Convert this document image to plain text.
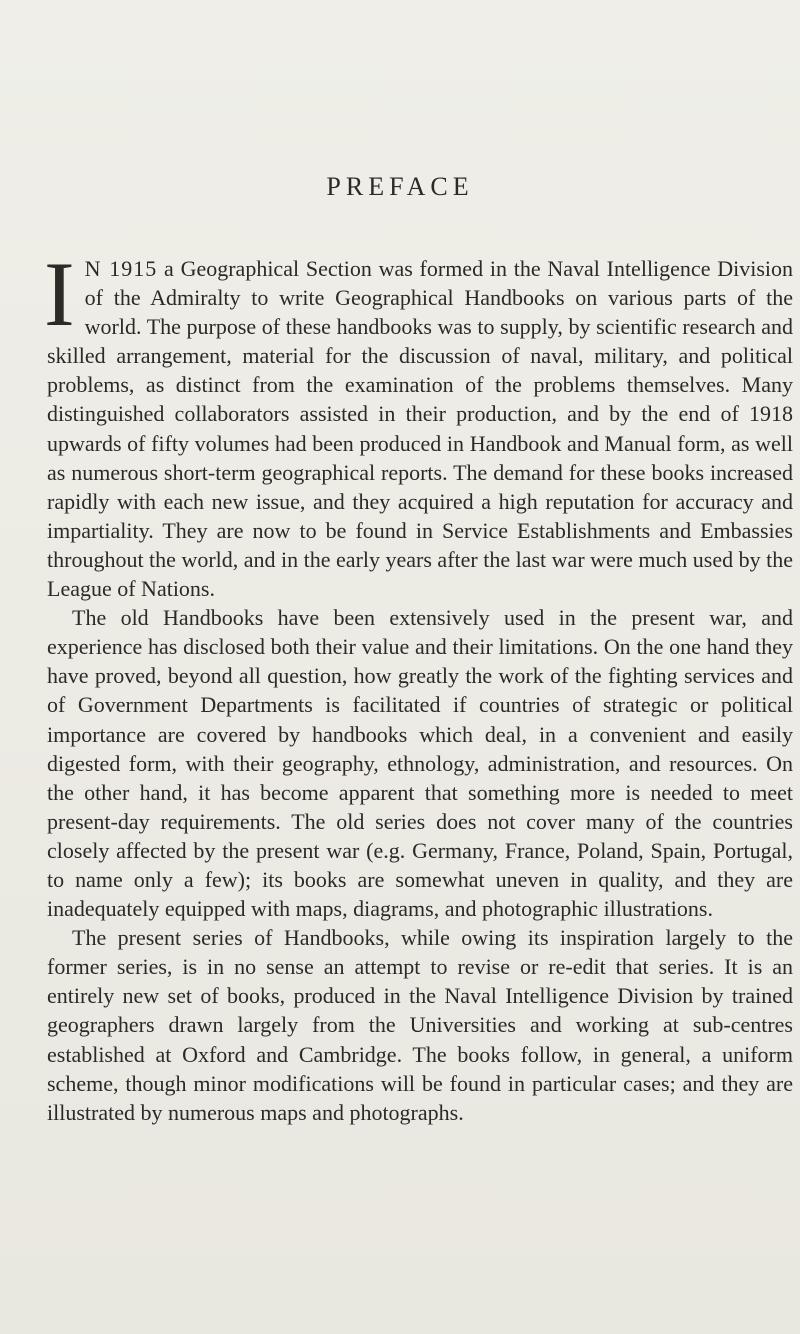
PREFACE

I N 1915 a Geographical Section was formed in the Naval Intelligence Division of the Admiralty to write Geographical Handbooks on various parts of the world. The purpose of these handbooks was to supply, by scientific research and skilled arrangement, material for the discussion of naval, military, and political problems, as distinct from the examination of the problems themselves. Many distinguished collaborators assisted in their production, and by the end of 1918 upwards of fifty volumes had been produced in Handbook and Manual form, as well as numerous short-term geographical reports. The demand for these books increased rapidly with each new issue, and they acquired a high reputation for accuracy and impartiality. They are now to be found in Service Establishments and Embassies throughout the world, and in the early years after the last war were much used by the League of Nations.

The old Handbooks have been extensively used in the present war, and experience has disclosed both their value and their limitations. On the one hand they have proved, beyond all question, how greatly the work of the fighting services and of Government Departments is facilitated if countries of strategic or political importance are covered by handbooks which deal, in a convenient and easily digested form, with their geography, ethnology, administration, and resources. On the other hand, it has become apparent that something more is needed to meet present-day requirements. The old series does not cover many of the countries closely affected by the present war (e.g. Germany, France, Poland, Spain, Portugal, to name only a few); its books are somewhat uneven in quality, and they are inadequately equipped with maps, diagrams, and photographic illustrations.

The present series of Handbooks, while owing its inspiration largely to the former series, is in no sense an attempt to revise or re-edit that series. It is an entirely new set of books, produced in the Naval Intelligence Division by trained geographers drawn largely from the Universities and working at sub-centres established at Oxford and Cambridge. The books follow, in general, a uniform scheme, though minor modifications will be found in particular cases; and they are illustrated by numerous maps and photographs.
